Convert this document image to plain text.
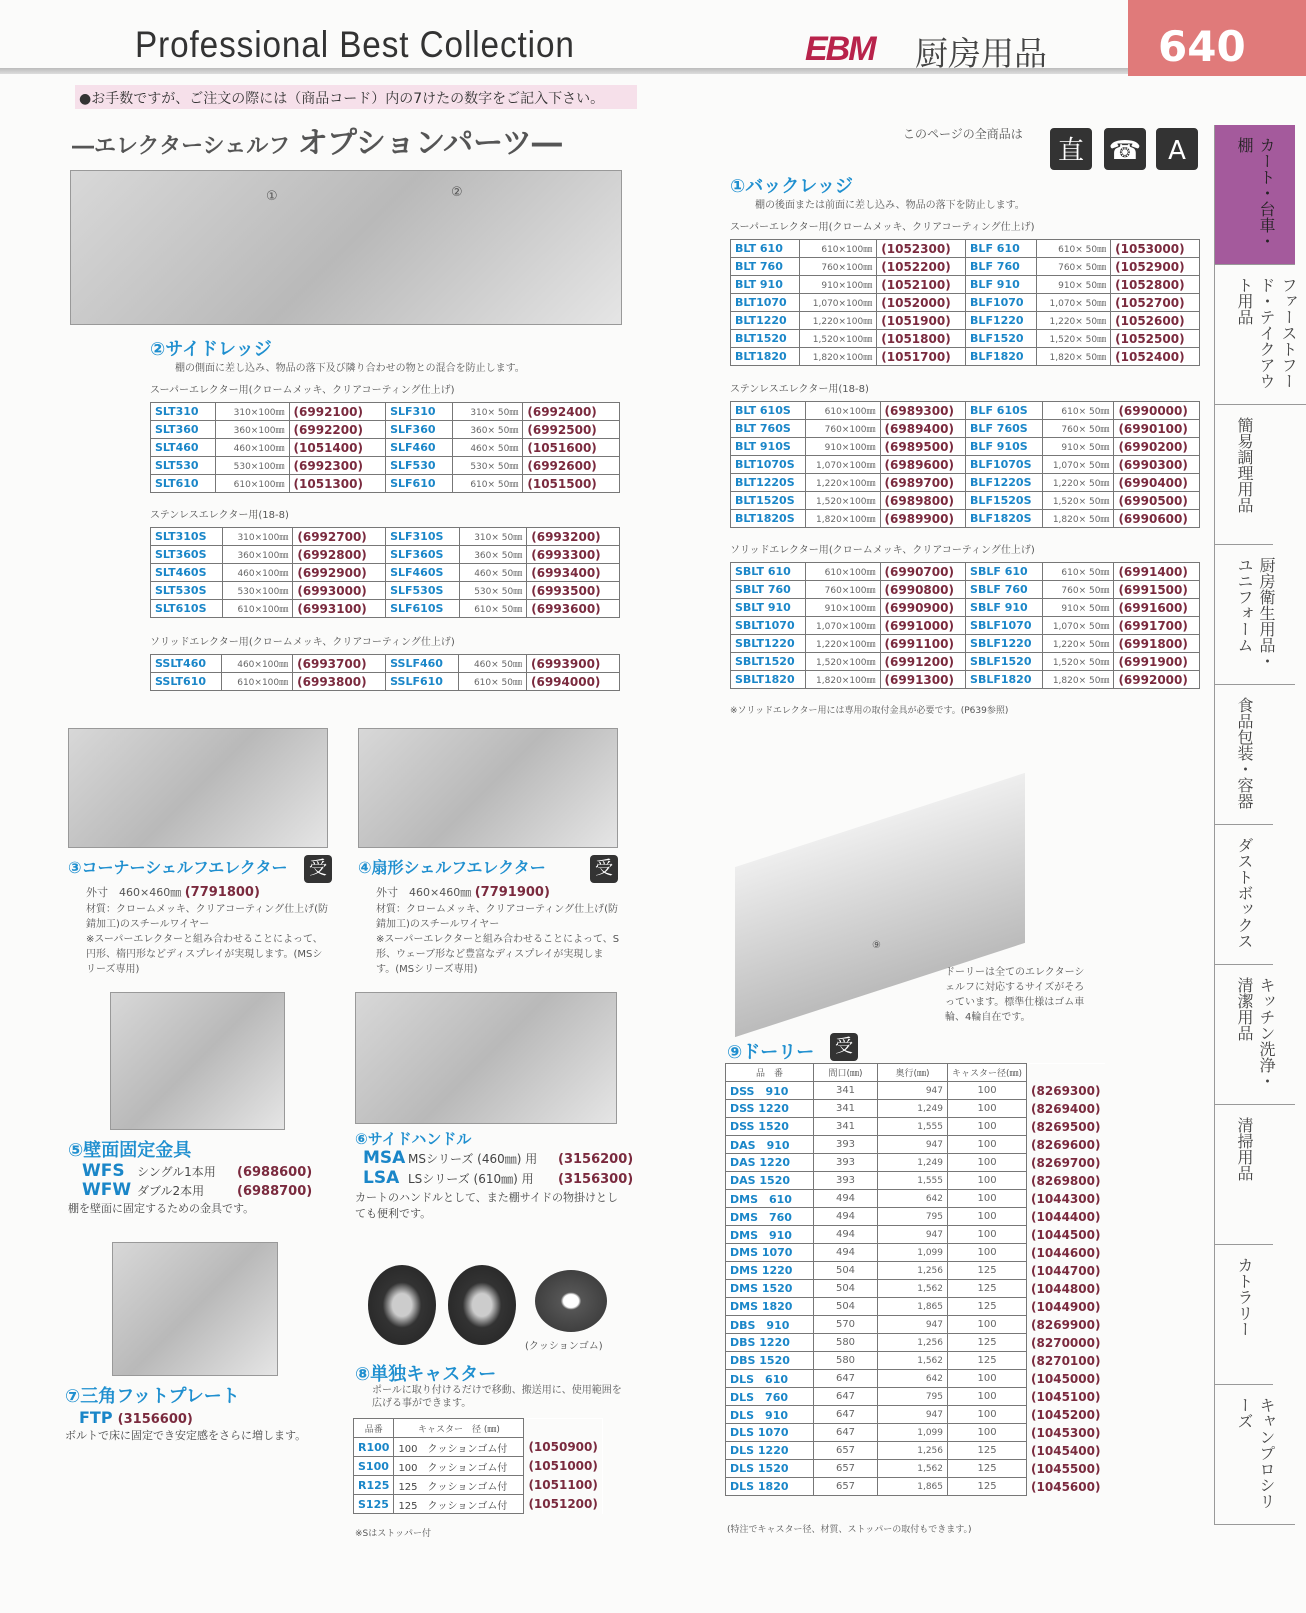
Professional Best Collection	EBM 厨房用品	640
●お手数ですが、ご注文の際には（商品コード）内の7けたの数字をご記入下さい。
―エレクターシェルフ オプションパーツ―	このページの全商品は
直 ☎	A
①	②
②サイドレッジ
棚の側面に差し込み、物品の落下及び隣り合わせの物との混合を防止します。
スーパーエレクター用(クロームメッキ、クリアコーティング仕上げ)
SLT310	310×100㎜	(6992100)	SLF310	310× 50㎜	(6992400)
SLT360	360×100㎜	(6992200)	SLF360	360× 50㎜	(6992500)
SLT460	460×100㎜	(1051400)	SLF460	460× 50㎜	(1051600)
SLT530	530×100㎜	(6992300)	SLF530	530× 50㎜	(6992600)
SLT610	610×100㎜	(1051300)	SLF610	610× 50㎜	(1051500)
ステンレスエレクター用(18-8)
SLT310S	310×100㎜	(6992700)	SLF310S	310× 50㎜	(6993200)
SLT360S	360×100㎜	(6992800)	SLF360S	360× 50㎜	(6993300)
SLT460S	460×100㎜	(6992900)	SLF460S	460× 50㎜	(6993400)
SLT530S	530×100㎜	(6993000)	SLF530S	530× 50㎜	(6993500)
SLT610S	610×100㎜	(6993100)	SLF610S	610× 50㎜	(6993600)
ソリッドエレクター用(クロームメッキ、クリアコーティング仕上げ)
SSLT460	460×100㎜	(6993700)	SSLF460	460× 50㎜	(6993900)
SSLT610	610×100㎜	(6993800)	SSLF610	610× 50㎜	(6994000)
①バックレッジ
棚の後面または前面に差し込み、物品の落下を防止します。
スーパーエレクター用(クロームメッキ、クリアコーティング仕上げ)
BLT 610	610×100㎜	(1052300)	BLF 610	610× 50㎜	(1053000)
BLT 760	760×100㎜	(1052200)	BLF 760	760× 50㎜	(1052900)
BLT 910	910×100㎜	(1052100)	BLF 910	910× 50㎜	(1052800)
BLT1070	1,070×100㎜	(1052000)	BLF1070	1,070× 50㎜	(1052700)
BLT1220	1,220×100㎜	(1051900)	BLF1220	1,220× 50㎜	(1052600)
BLT1520	1,520×100㎜	(1051800)	BLF1520	1,520× 50㎜	(1052500)
BLT1820	1,820×100㎜	(1051700)	BLF1820	1,820× 50㎜	(1052400)
ステンレスエレクター用(18-8)
BLT 610S	610×100㎜	(6989300)	BLF 610S	610× 50㎜	(6990000)
BLT 760S	760×100㎜	(6989400)	BLF 760S	760× 50㎜	(6990100)
BLT 910S	910×100㎜	(6989500)	BLF 910S	910× 50㎜	(6990200)
BLT1070S	1,070×100㎜	(6989600)	BLF1070S	1,070× 50㎜	(6990300)
BLT1220S	1,220×100㎜	(6989700)	BLF1220S	1,220× 50㎜	(6990400)
BLT1520S	1,520×100㎜	(6989800)	BLF1520S	1,520× 50㎜	(6990500)
BLT1820S	1,820×100㎜	(6989900)	BLF1820S	1,820× 50㎜	(6990600)
ソリッドエレクター用(クロームメッキ、クリアコーティング仕上げ)
SBLT 610	610×100㎜	(6990700)	SBLF 610	610× 50㎜	(6991400)
SBLT 760	760×100㎜	(6990800)	SBLF 760	760× 50㎜	(6991500)
SBLT 910	910×100㎜	(6990900)	SBLF 910	910× 50㎜	(6991600)
SBLT1070	1,070×100㎜	(6991000)	SBLF1070	1,070× 50㎜	(6991700)
SBLT1220	1,220×100㎜	(6991100)	SBLF1220	1,220× 50㎜	(6991800)
SBLT1520	1,520×100㎜	(6991200)	SBLF1520	1,520× 50㎜	(6991900)
SBLT1820	1,820×100㎜	(6991300)	SBLF1820	1,820× 50㎜	(6992000)
※ソリッドエレクター用には専用の取付金具が必要です。(P639参照)
③コーナーシェルフエレクター	受
外寸　460×460㎜ (7791800)
材質：クロームメッキ、クリアコーティング仕上げ(防錆加工)のスチールワイヤー
※スーパーエレクターと組み合わせることによって、円形、楕円形などディスプレイが実現します。(MSシリーズ専用)
④扇形シェルフエレクター	受
外寸　460×460㎜ (7791900)
材質：クロームメッキ、クリアコーティング仕上げ(防錆加工)のスチールワイヤー
※スーパーエレクターと組み合わせることによって、S形、ウェーブ形など豊富なディスプレイが実現します。(MSシリーズ専用)
⑨
ドーリーは全てのエレクターシェルフに対応するサイズがそろっています。標準仕様はゴム車輪、4輪自在です。
⑤壁面固定金具
WFS シングル1本用 (6988600)
WFW ダブル2本用	(6988700)
棚を壁面に固定するための金具です。
⑥サイドハンドル
MSA MSシリーズ (460㎜) 用 (3156200)
LSA LSシリーズ (610㎜) 用 (3156300)
カートのハンドルとして、また棚サイドの物掛けとしても便利です。
⑦三角フットプレート
FTP (3156600)
ボルトで床に固定でき安定感をさらに増します。
(クッションゴム)
⑧単独キャスター
ポールに取り付けるだけで移動、搬送用に、使用範囲を広げる事ができます。
品番	キャスター　径 (㎜)	
R100	100　クッションゴム付	(1050900)
S100	100　クッションゴム付	(1051000)
R125	125　クッションゴム付	(1051100)
S125	125　クッションゴム付	(1051200)
※Sはストッパー付
⑨ドーリー 受
品　番	間口(㎜)	奥行(㎜)	キャスター径(㎜)	
DSS　910	341	947	100	(8269300)
DSS 1220	341	1,249	100	(8269400)
DSS 1520	341	1,555	100	(8269500)
DAS　910	393	947	100	(8269600)
DAS 1220	393	1,249	100	(8269700)
DAS 1520	393	1,555	100	(8269800)
DMS　610	494	642	100	(1044300)
DMS　760	494	795	100	(1044400)
DMS　910	494	947	100	(1044500)
DMS 1070	494	1,099	100	(1044600)
DMS 1220	504	1,256	125	(1044700)
DMS 1520	504	1,562	125	(1044800)
DMS 1820	504	1,865	125	(1044900)
DBS　910	570	947	100	(8269900)
DBS 1220	580	1,256	125	(8270000)
DBS 1520	580	1,562	125	(8270100)
DLS　610	647	642	100	(1045000)
DLS　760	647	795	100	(1045100)
DLS　910	647	947	100	(1045200)
DLS 1070	647	1,099	100	(1045300)
DLS 1220	657	1,256	125	(1045400)
DLS 1520	657	1,562	125	(1045500)
DLS 1820	657	1,865	125	(1045600)
(特注でキャスター径、材質、ストッパーの取付もできます。)
カート・台車・棚
ファーストフード・テイクアウト用品
簡易調理用品
厨房衛生用品・ユニフォーム
食品包装・容器
ダストボックス
キッチン洗浄・清潔用品
清掃用品
カトラリー
キャンプロシリーズ
